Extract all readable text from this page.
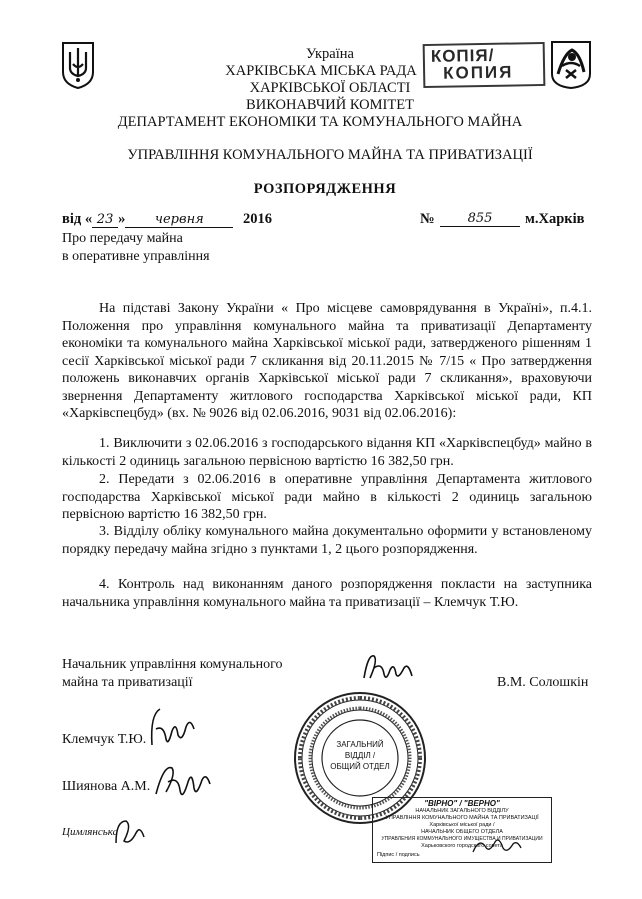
КОПІЯ/
КОПИЯ
Україна
ХАРКІВСЬКА МІСЬКА РАДА
ХАРКІВСЬКОЇ ОБЛАСТІ
ВИКОНАВЧИЙ КОМІТЕТ
ДЕПАРТАМЕНТ ЕКОНОМІКИ ТА КОМУНАЛЬНОГО МАЙНА
УПРАВЛІННЯ КОМУНАЛЬНОГО МАЙНА ТА ПРИВАТИЗАЦІЇ
РОЗПОРЯДЖЕННЯ
від « 23 » червня	2016	№	855	м.Харків
Про передачу майна
в оперативне управління
На підставі Закону України « Про місцеве самоврядування в Україні», п.4.1. Положення про управління комунального майна та приватизації Департаменту економіки та комунального майна Харківської міської ради, затвердженого рішенням 1 сесії Харківської міської ради 7 скликання від 20.11.2015 № 7/15 « Про затвердження положень виконавчих органів Харківської міської ради 7 скликання», враховуючи звернення Департаменту житлового господарства Харківської міської ради, КП «Харківспецбуд» (вх. № 9026 від 02.06.2016, 9031 від 02.06.2016):
1. Виключити з 02.06.2016 з господарського відання КП «Харківспецбуд» майно в кількості 2 одиниць загальною первісною вартістю 16 382,50 грн.
2. Передати з 02.06.2016 в оперативне управління Департамента житлового господарства Харківської міської ради майно в кількості 2 одиниць загальною первісною вартістю 16 382,50 грн.
3. Відділу обліку комунального майна документально оформити у встановленому порядку передачу майна згідно з пунктами 1, 2 цього розпорядження.
4. Контроль над виконанням даного розпорядження покласти на заступника начальника управління комунального майна та приватизації – Клемчук Т.Ю.
Начальник управління комунального
майна та приватизації	В.М. Солошкін
Клемчук Т.Ю.
Шиянова А.М.
Цимлянська
ЗАГАЛЬНИЙ
ВІДДІЛ /
ОБЩИЙ ОТДЕЛ
"ВІРНО" / "ВЕРНО"
НАЧАЛЬНИК ЗАГАЛЬНОГО ВІДДІЛУ
УПРАВЛІННЯ КОМУНАЛЬНОГО МАЙНА ТА ПРИВАТИЗАЦІЇ
Харківської міської ради /
НАЧАЛЬНИК ОБЩЕГО ОТДЕЛА
УПРАВЛЕНИЯ КОММУНАЛЬНОГО ИМУЩЕСТВА И ПРИВАТИЗАЦИИ
Харьковского городского совета
Підпис / подпись
